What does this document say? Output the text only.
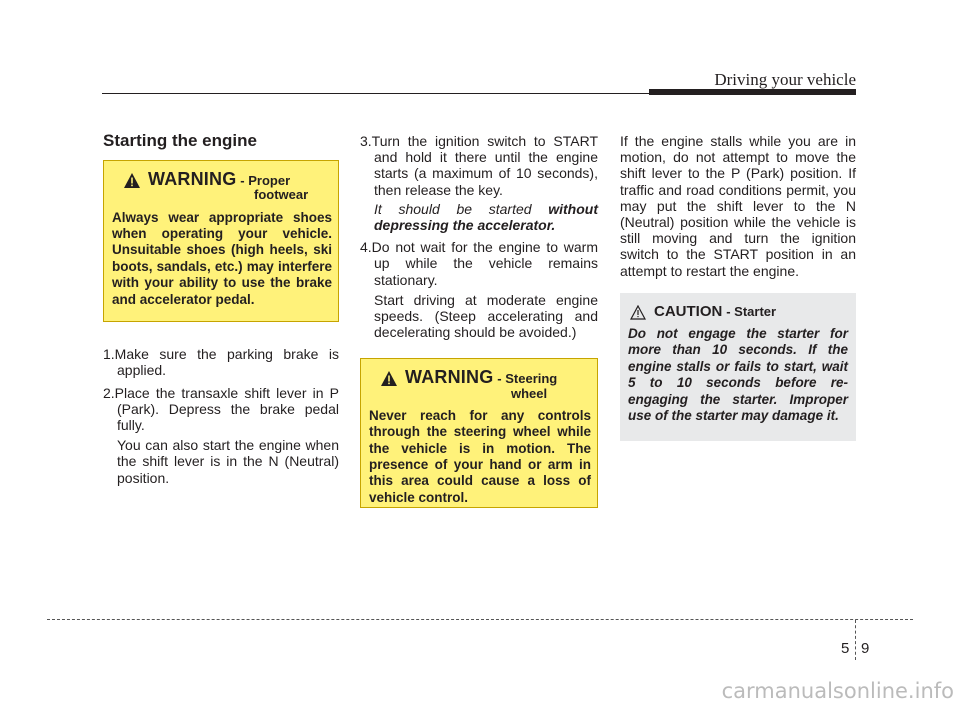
Driving your vehicle
Starting the engine
WARNING - Proper
footwear
Always wear appropriate shoes when operating your vehicle. Unsuitable shoes (high heels, ski boots, sandals, etc.) may interfere with your ability to use the brake and accelerator pedal.

1.Make sure the parking brake is applied.

2.Place the transaxle shift lever in P (Park). Depress the brake pedal fully.

You can also start the engine when the shift lever is in the N (Neutral) position.

3.Turn the ignition switch to START and hold it there until the engine starts (a maximum of 10 seconds), then release the key.

It should be started without depressing the accelerator.

4.Do not wait for the engine to warm up while the vehicle remains stationary.

Start driving at moderate engine speeds. (Steep accelerating and decelerating should be avoided.)

WARNING - Steering
wheel
Never reach for any controls through the steering wheel while the vehicle is in motion. The presence of your hand or arm in this area could cause a loss of vehicle control.

If the engine stalls while you are in motion, do not attempt to move the shift lever to the P (Park) position. If traffic and road conditions permit, you may put the shift lever to the N (Neutral) position while the vehicle is still moving and turn the ignition switch to the START position in an attempt to restart the engine.

CAUTION - Starter
Do not engage the starter for more than 10 seconds. If the engine stalls or fails to start, wait 5 to 10 seconds before re-engaging the starter. Improper use of the starter may damage it.
5 9
carmanualsonline.info
